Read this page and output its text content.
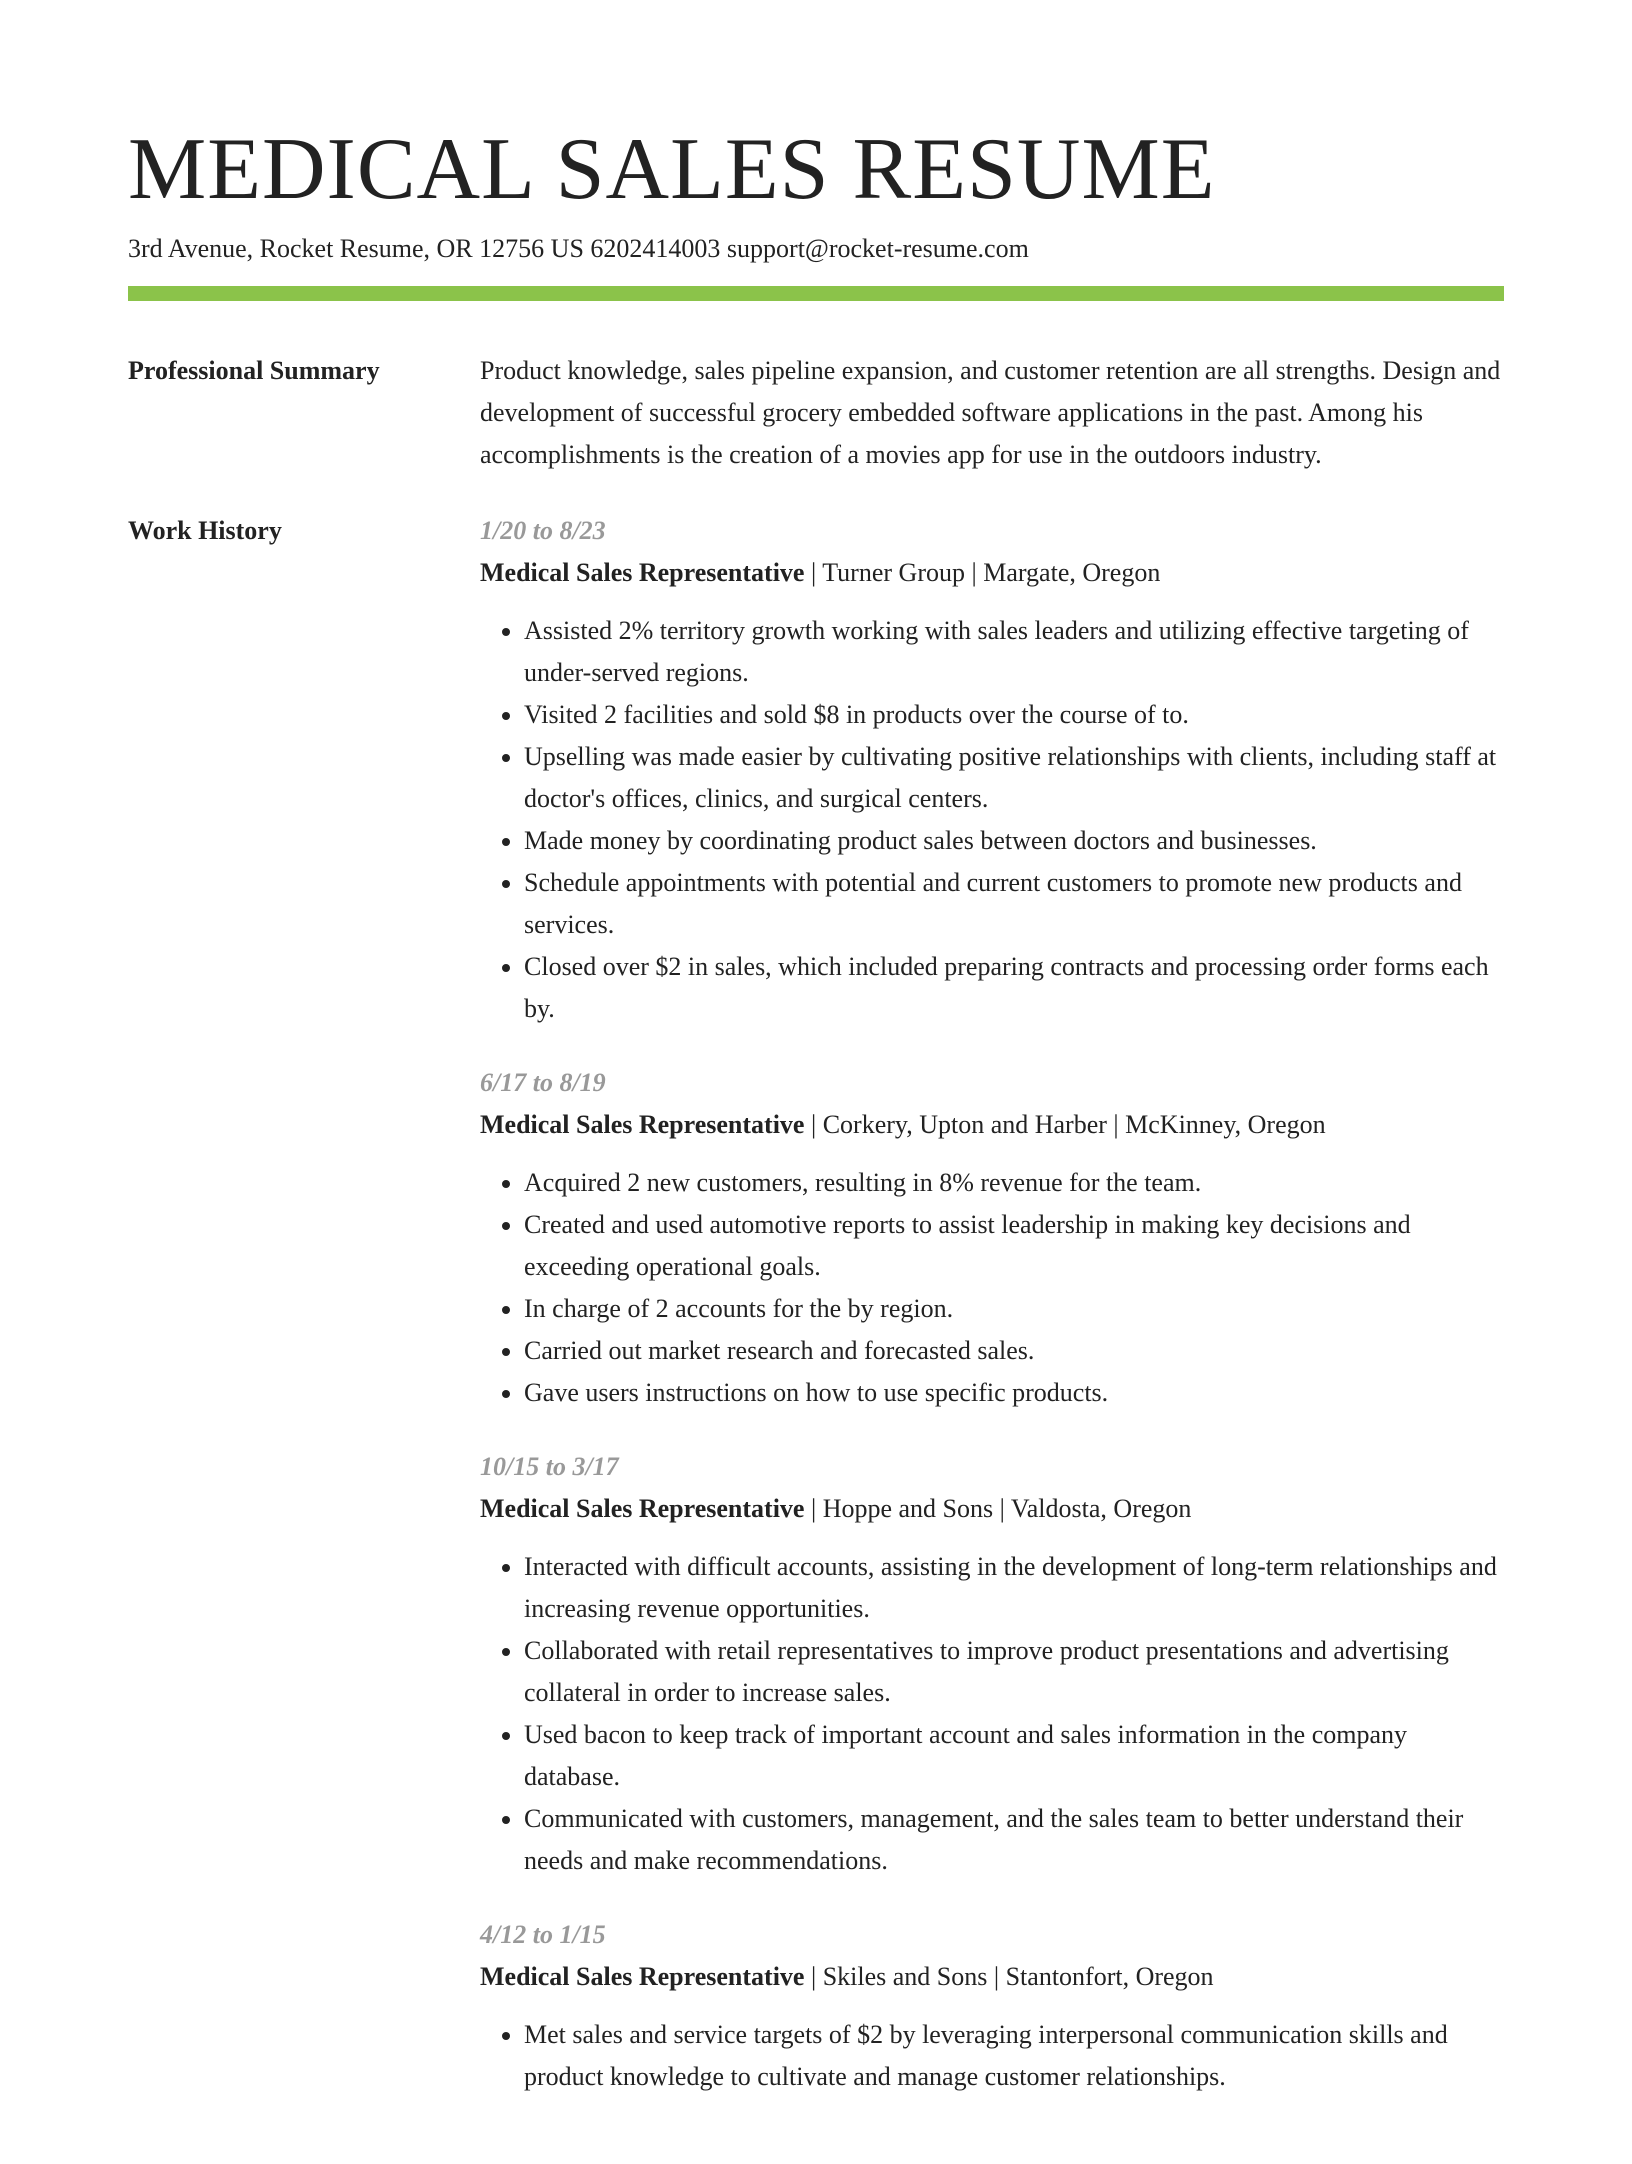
MEDICAL SALES RESUME
3rd Avenue, Rocket Resume, OR 12756 US 6202414003 support@rocket-resume.com
Professional Summary	Product knowledge, sales pipeline expansion, and customer retention are all strengths. Design and development of successful grocery embedded software applications in the past. Among his accomplishments is the creation of a movies app for use in the outdoors industry.

Work History	1/20 to 8/23
Medical Sales Representative | Turner Group | Margate, Oregon
• Assisted 2% territory growth working with sales leaders and utilizing effective targeting of under-served regions.
• Visited 2 facilities and sold $8 in products over the course of to.
• Upselling was made easier by cultivating positive relationships with clients, including staff at doctor's offices, clinics, and surgical centers.
• Made money by coordinating product sales between doctors and businesses.
• Schedule appointments with potential and current customers to promote new products and services.
• Closed over $2 in sales, which included preparing contracts and processing order forms each by.
6/17 to 8/19
Medical Sales Representative | Corkery, Upton and Harber | McKinney, Oregon
• Acquired 2 new customers, resulting in 8% revenue for the team.
• Created and used automotive reports to assist leadership in making key decisions and exceeding operational goals.
• In charge of 2 accounts for the by region.
• Carried out market research and forecasted sales.
• Gave users instructions on how to use specific products.
10/15 to 3/17
Medical Sales Representative | Hoppe and Sons | Valdosta, Oregon
• Interacted with difficult accounts, assisting in the development of long-term relationships and increasing revenue opportunities.
• Collaborated with retail representatives to improve product presentations and advertising collateral in order to increase sales.
• Used bacon to keep track of important account and sales information in the company database.
• Communicated with customers, management, and the sales team to better understand their needs and make recommendations.
4/12 to 1/15
Medical Sales Representative | Skiles and Sons | Stantonfort, Oregon
• Met sales and service targets of $2 by leveraging interpersonal communication skills and product knowledge to cultivate and manage customer relationships.
